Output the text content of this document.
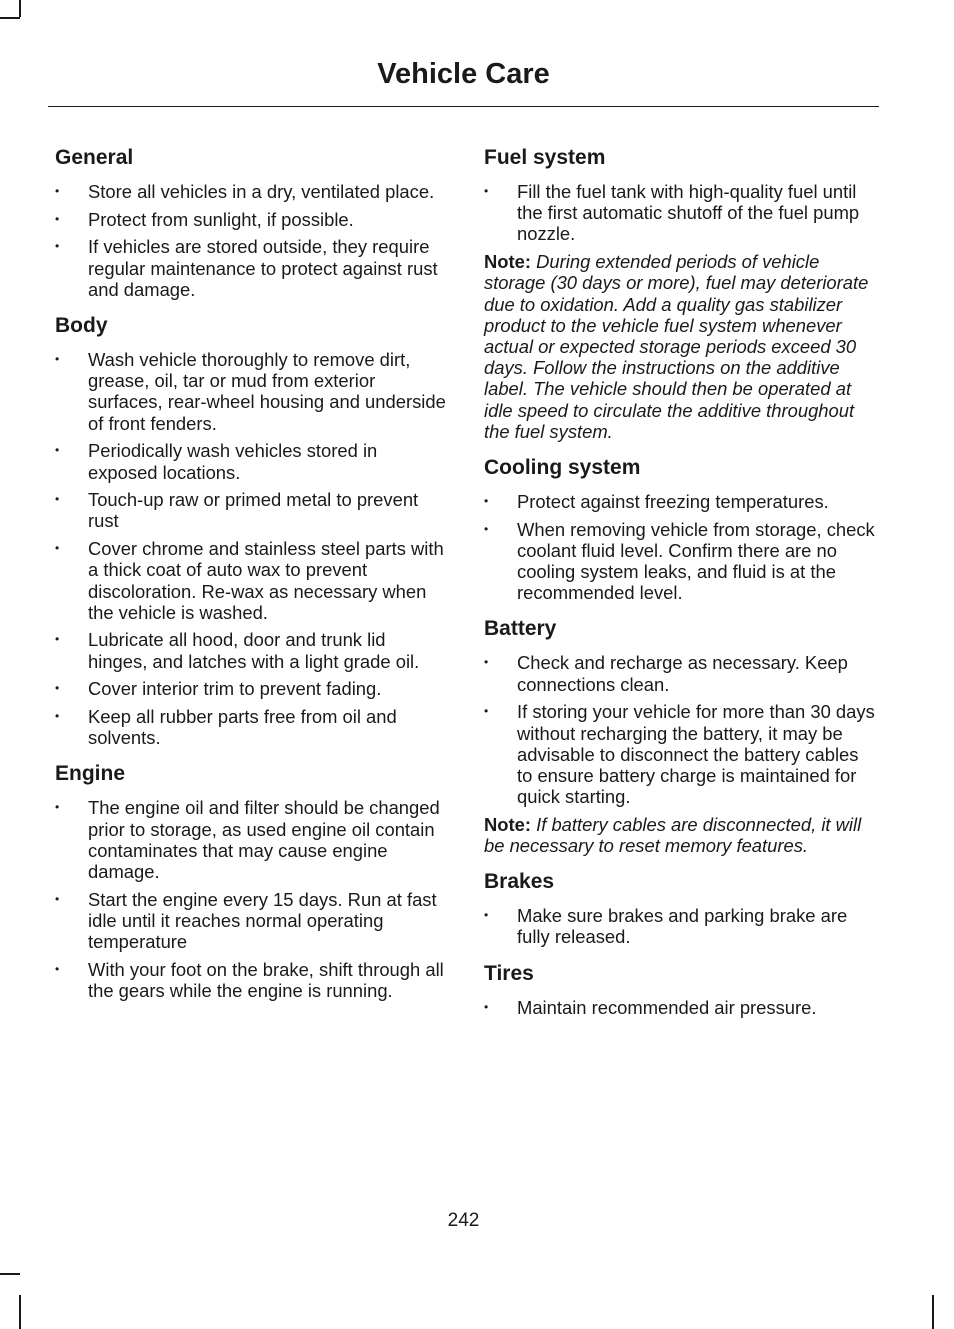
Vehicle Care
General
• Store all vehicles in a dry, ventilated place.
• Protect from sunlight, if possible.
• If vehicles are stored outside, they require regular maintenance to protect against rust and damage.
Body
• Wash vehicle thoroughly to remove dirt, grease, oil, tar or mud from exterior surfaces, rear-wheel housing and underside of front fenders.
• Periodically wash vehicles stored in exposed locations.
• Touch-up raw or primed metal to prevent rust
• Cover chrome and stainless steel parts with a thick coat of auto wax to prevent discoloration. Re-wax as necessary when the vehicle is washed.
• Lubricate all hood, door and trunk lid hinges, and latches with a light grade oil.
• Cover interior trim to prevent fading.
• Keep all rubber parts free from oil and solvents.
Engine
• The engine oil and filter should be changed prior to storage, as used engine oil contain contaminates that may cause engine damage.
• Start the engine every 15 days. Run at fast idle until it reaches normal operating temperature
• With your foot on the brake, shift through all the gears while the engine is running.
Fuel system
• Fill the fuel tank with high-quality fuel until the first automatic shutoff of the fuel pump nozzle.

Note: During extended periods of vehicle storage (30 days or more), fuel may deteriorate due to oxidation. Add a quality gas stabilizer product to the vehicle fuel system whenever actual or expected storage periods exceed 30 days. Follow the instructions on the additive label. The vehicle should then be operated at idle speed to circulate the additive throughout the fuel system.

Cooling system
• Protect against freezing temperatures.
• When removing vehicle from storage, check coolant fluid level. Confirm there are no cooling system leaks, and fluid is at the recommended level.
Battery
• Check and recharge as necessary. Keep connections clean.
• If storing your vehicle for more than 30 days without recharging the battery, it may be advisable to disconnect the battery cables to ensure battery charge is maintained for quick starting.

Note: If battery cables are disconnected, it will be necessary to reset memory features.

Brakes
• Make sure brakes and parking brake are fully released.
Tires
• Maintain recommended air pressure.
242
